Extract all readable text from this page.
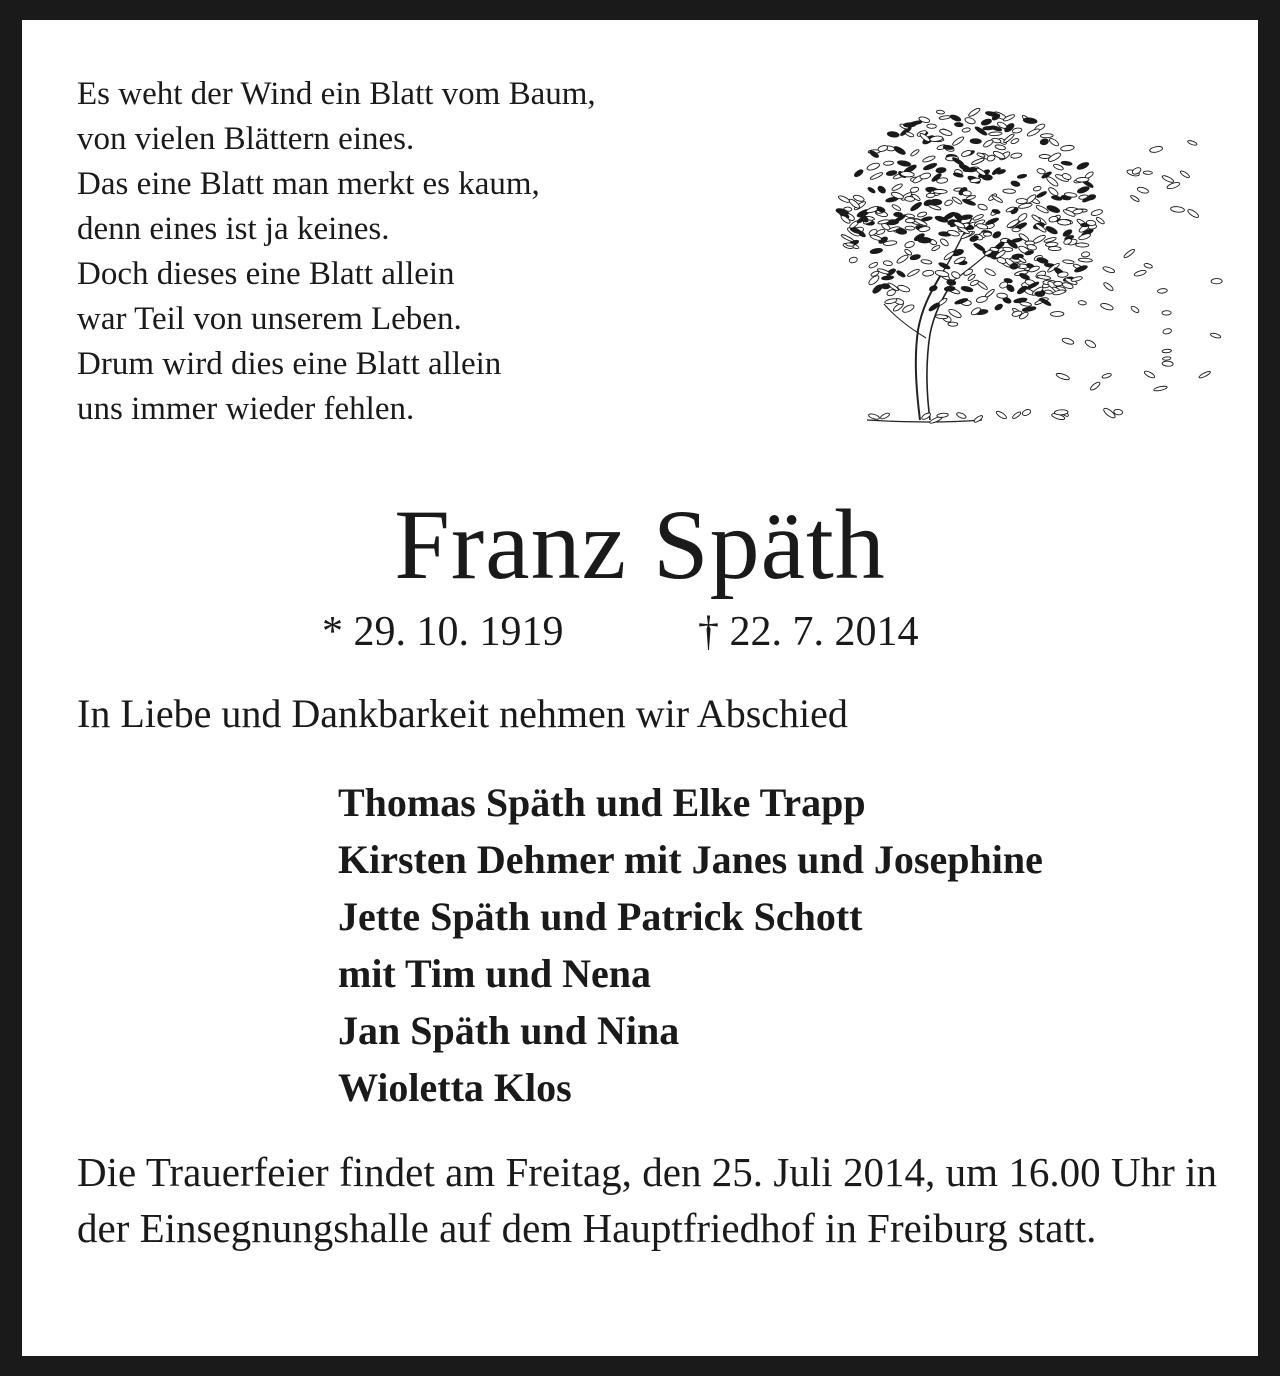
Es weht der Wind ein Blatt vom Baum,
von vielen Blättern eines.
Das eine Blatt man merkt es kaum,
denn eines ist ja keines.
Doch dieses eine Blatt allein
war Teil von unserem Leben.
Drum wird dies eine Blatt allein
uns immer wieder fehlen.
Franz Späth
* 29. 10. 1919	† 22. 7. 2014
In Liebe und Dankbarkeit nehmen wir Abschied
Thomas Späth und Elke Trapp
Kirsten Dehmer mit Janes und Josephine
Jette Späth und Patrick Schott
mit Tim und Nena
Jan Späth und Nina
Wioletta Klos
Die Trauerfeier findet am Freitag, den 25. Juli 2014, um 16.00 Uhr in der Einsegnungshalle auf dem Hauptfriedhof in Freiburg statt.
